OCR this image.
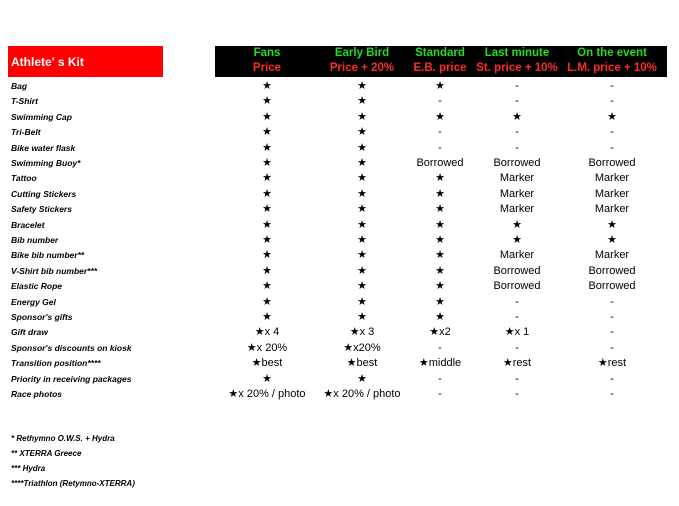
Athlete' s Kit
Fans
Price
Early Bird
Price + 20%
Standard
E.B. price
Last minute
St. price + 10%
On the event
L.M. price + 10%
Bag	★	★	★	-	-
T-Shirt	★	★	-	-	-
Swimming Cap	★	★	★	★	★
Tri-Belt	★	★	-	-	-
Bike water flask	★	★	-	-	-
Swimming Buoy*	★	★	Borrowed	Borrowed	Borrowed
Tattoo	★	★	★	Marker	Marker
Cutting Stickers	★	★	★	Marker	Marker
Safety Stickers	★	★	★	Marker	Marker
Bracelet	★	★	★	★	★
Bib number	★	★	★	★	★
Bike bib number**	★	★	★	Marker	Marker
V-Shirt bib number***	★	★	★	Borrowed	Borrowed
Elastic Rope	★	★	★	Borrowed	Borrowed
Energy Gel	★	★	★	-	-
Sponsor's gifts	★	★	★	-	-
Gift draw	★x 4	★x 3	★x2	★x 1	-
Sponsor's discounts on kiosk	★x 20%	★x20%	-	-	-
Transition position****	★best	★best	★middle	★rest	★rest
Priority in receiving packages	★	★	-	-	-
Race photos	★x 20% / photo	★x 20% / photo	-	-	-
* Rethymno O.W.S. + Hydra
** XTERRA Greece
*** Hydra
****Triathlon (Retymno-XTERRA)
